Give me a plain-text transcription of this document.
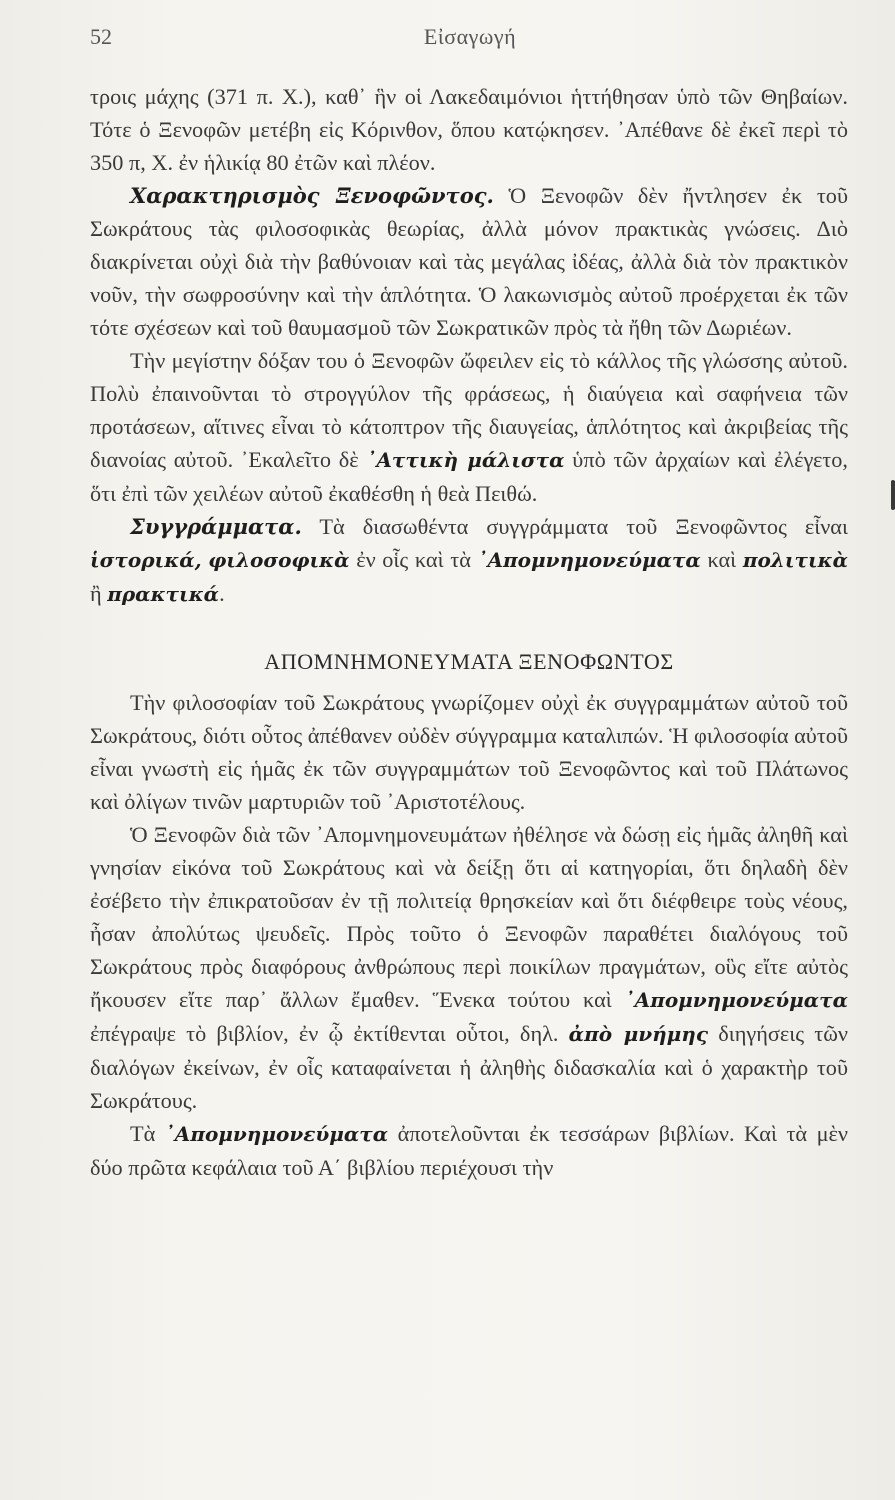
52	Εἰσαγωγή

τροις μάχης (371 π. Χ.), καθ᾿ ἣν οἱ Λακεδαιμόνιοι ἡττήθησαν ὑπὸ τῶν Θηβαίων. Τότε ὁ Ξενοφῶν μετέβη εἰς Κόρινθον, ὅπου κατῴκησεν. ᾿Απέθανε δὲ ἐκεῖ περὶ τὸ 350 π, Χ. ἐν ἡλικίᾳ 80 ἐτῶν καὶ πλέον.

Χαρακτηρισμὸς Ξενοφῶντος. Ὁ Ξενοφῶν δὲν ἤντλησεν ἐκ τοῦ Σωκράτους τὰς φιλοσοφικὰς θεωρίας, ἀλλὰ μόνον πρακτικὰς γνώσεις. Διὸ διακρίνεται οὐχὶ διὰ τὴν βαθύνοιαν καὶ τὰς μεγάλας ἰδέας, ἀλλὰ διὰ τὸν πρακτικὸν νοῦν, τὴν σωφροσύνην καὶ τὴν ἁπλότητα. Ὁ λακωνισμὸς αὐτοῦ προέρχεται ἐκ τῶν τότε σχέσεων καὶ τοῦ θαυμασμοῦ τῶν Σωκρατικῶν πρὸς τὰ ἤθη τῶν Δωριέων.

Τὴν μεγίστην δόξαν του ὁ Ξενοφῶν ὤφειλεν εἰς τὸ κάλλος τῆς γλώσσης αὐτοῦ. Πολὺ ἐπαινοῦνται τὸ στρογγύλον τῆς φράσεως, ἡ διαύγεια καὶ σαφήνεια τῶν προτάσεων, αἵτινες εἶναι τὸ κάτοπτρον τῆς διαυγείας, ἁπλότητος καὶ ἀκριβείας τῆς διανοίας αὐτοῦ. ᾿Εκαλεῖτο δὲ ᾿Αττικὴ μάλιστα ὑπὸ τῶν ἀρχαίων καὶ ἐλέγετο, ὅτι ἐπὶ τῶν χειλέων αὐτοῦ ἐκαθέσθη ἡ θεὰ Πειθώ.

Συγγράμματα. Τὰ διασωθέντα συγγράμματα τοῦ Ξενοφῶντος εἶναι ἱστορικά, φιλοσοφικὰ ἐν οἷς καὶ τὰ ᾿Απομνημονεύματα καὶ πολιτικὰ ἢ πρακτικά.

ΑΠΟΜΝΗΜΟΝΕΥΜΑΤΑ ΞΕΝΟΦΩΝΤΟΣ

Τὴν φιλοσοφίαν τοῦ Σωκράτους γνωρίζομεν οὐχὶ ἐκ συγγραμμάτων αὐτοῦ τοῦ Σωκράτους, διότι οὗτος ἀπέθανεν οὐδὲν σύγγραμμα καταλιπών. Ἡ φιλοσοφία αὐτοῦ εἶναι γνωστὴ εἰς ἡμᾶς ἐκ τῶν συγγραμμάτων τοῦ Ξενοφῶντος καὶ τοῦ Πλάτωνος καὶ ὀλίγων τινῶν μαρτυριῶν τοῦ ᾿Αριστοτέλους.

Ὁ Ξενοφῶν διὰ τῶν ᾿Απομνημονευμάτων ἠθέλησε νὰ δώσῃ εἰς ἡμᾶς ἀληθῆ καὶ γνησίαν εἰκόνα τοῦ Σωκράτους καὶ νὰ δείξῃ ὅτι αἱ κατηγορίαι, ὅτι δηλαδὴ δὲν ἐσέβετο τὴν ἐπικρατοῦσαν ἐν τῇ πολιτείᾳ θρησκείαν καὶ ὅτι διέφθειρε τοὺς νέους, ἦσαν ἀπολύτως ψευδεῖς. Πρὸς τοῦτο ὁ Ξενοφῶν παραθέτει διαλόγους τοῦ Σωκράτους πρὸς διαφόρους ἀνθρώπους περὶ ποικίλων πραγμάτων, οὓς εἴτε αὐτὸς ἤκουσεν εἴτε παρ᾿ ἄλλων ἔμαθεν. Ἕνεκα τούτου καὶ ᾿Απομνημονεύματα ἐπέγραψε τὸ βιβλίον, ἐν ᾧ ἐκτίθενται οὗτοι, δηλ. ἀπὸ μνήμης διηγήσεις τῶν διαλόγων ἐκείνων, ἐν οἷς καταφαίνεται ἡ ἀληθὴς διδασκαλία καὶ ὁ χαρακτὴρ τοῦ Σωκράτους.

Τὰ ᾿Απομνημονεύματα ἀποτελοῦνται ἐκ τεσσάρων βιβλίων. Καὶ τὰ μὲν δύο πρῶτα κεφάλαια τοῦ Α΄ βιβλίου περιέχουσι τὴν
